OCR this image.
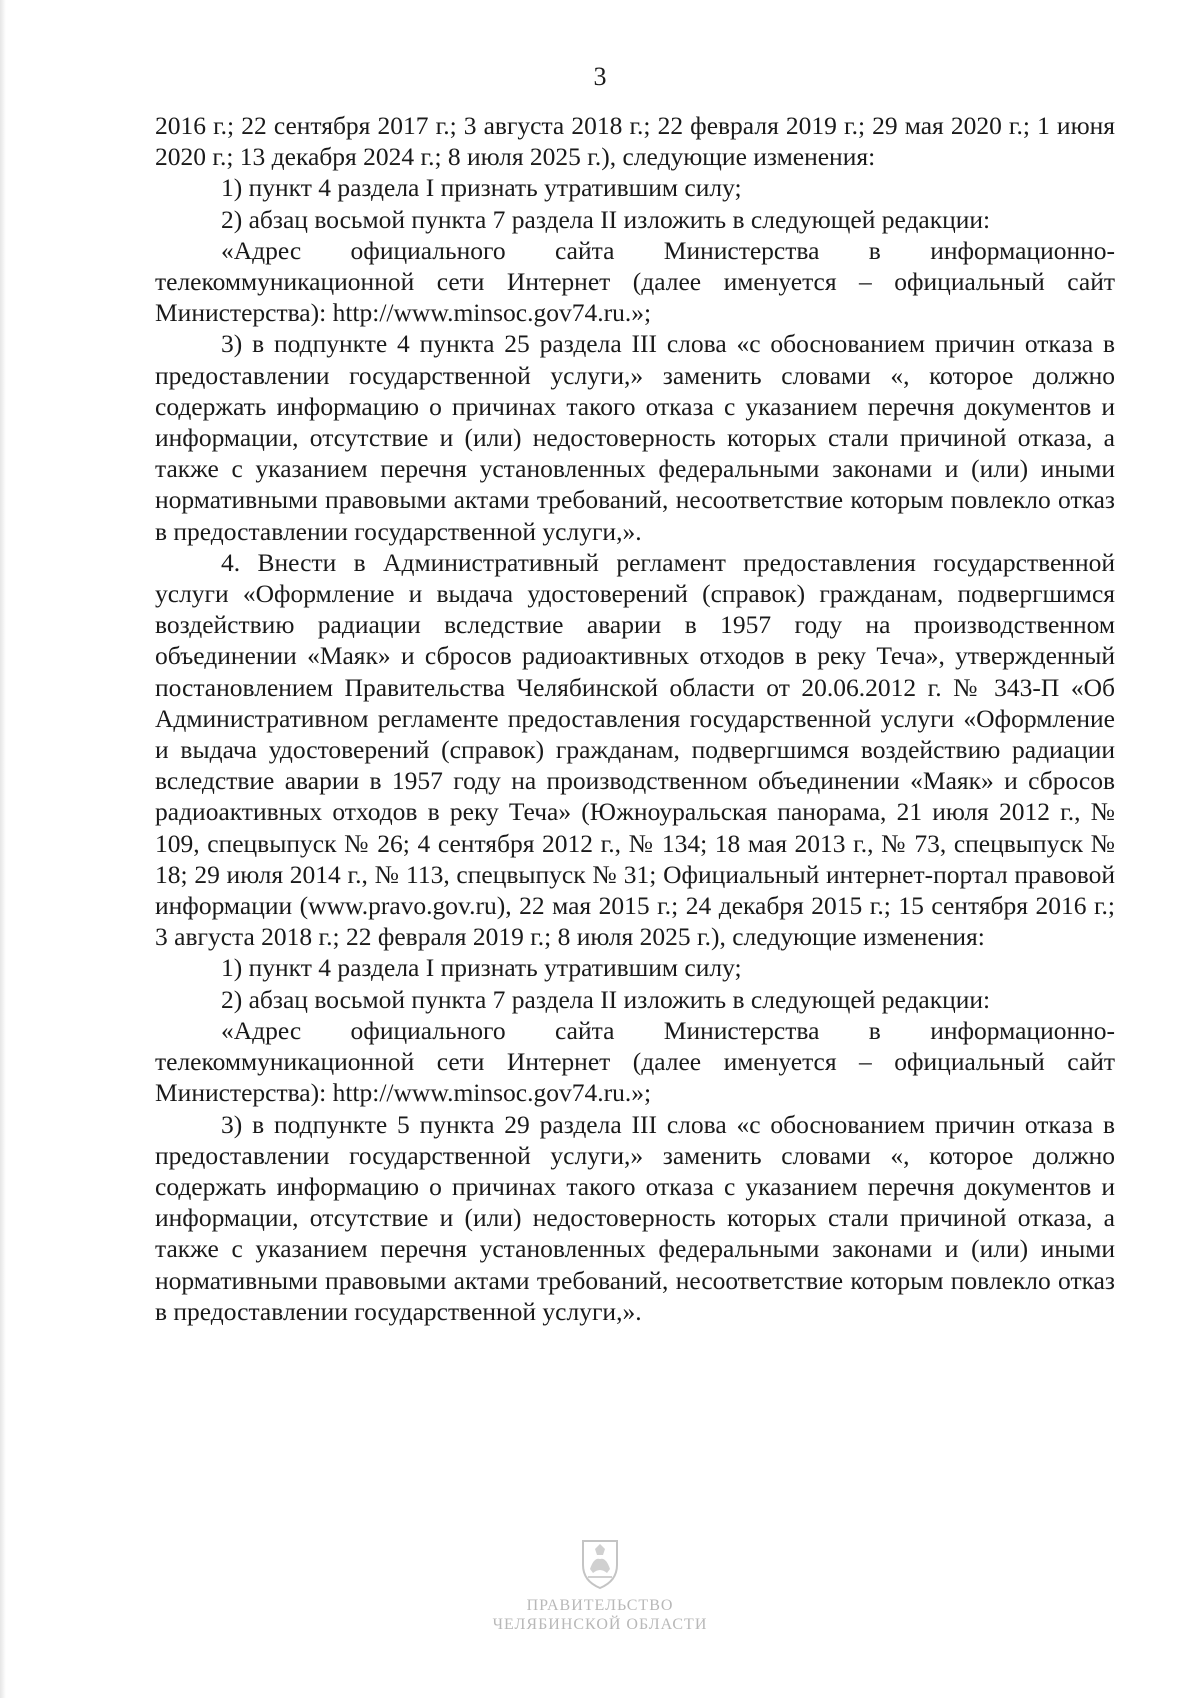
3

2016 г.; 22 сентября 2017 г.; 3 августа 2018 г.; 22 февраля 2019 г.; 29 мая 2020 г.; 1 июня 2020 г.; 13 декабря 2024 г.; 8 июля 2025 г.), следующие изменения:

1) пункт 4 раздела I признать утратившим силу;

2) абзац восьмой пункта 7 раздела II изложить в следующей редакции:

«Адрес официального сайта Министерства в информационно-телекоммуникационной сети Интернет (далее именуется – официальный сайт Министерства): http://www.minsoc.gov74.ru.»;

3) в подпункте 4 пункта 25 раздела III слова «с обоснованием причин отказа в предоставлении государственной услуги,» заменить словами «, которое должно содержать информацию о причинах такого отказа с указанием перечня документов и информации, отсутствие и (или) недостоверность которых стали причиной отказа, а также с указанием перечня установленных федеральными законами и (или) иными нормативными правовыми актами требований, несоответствие которым повлекло отказ в предоставлении государственной услуги,».

4. Внести в Административный регламент предоставления государственной услуги «Оформление и выдача удостоверений (справок) гражданам, подвергшимся воздействию радиации вследствие аварии в 1957 году на производственном объединении «Маяк» и сбросов радиоактивных отходов в реку Теча», утвержденный постановлением Правительства Челябинской области от 20.06.2012 г. № 343-П «Об Административном регламенте предоставления государственной услуги «Оформление и выдача удостоверений (справок) гражданам, подвергшимся воздействию радиации вследствие аварии в 1957 году на производственном объединении «Маяк» и сбросов радиоактивных отходов в реку Теча» (Южноуральская панорама, 21 июля 2012 г., № 109, спецвыпуск № 26; 4 сентября 2012 г., № 134; 18 мая 2013 г., № 73, спецвыпуск № 18; 29 июля 2014 г., № 113, спецвыпуск № 31; Официальный интернет-портал правовой информации (www.pravo.gov.ru), 22 мая 2015 г.; 24 декабря 2015 г.; 15 сентября 2016 г.; 3 августа 2018 г.; 22 февраля 2019 г.; 8 июля 2025 г.), следующие изменения:

1) пункт 4 раздела I признать утратившим силу;

2) абзац восьмой пункта 7 раздела II изложить в следующей редакции:

«Адрес официального сайта Министерства в информационно-телекоммуникационной сети Интернет (далее именуется – официальный сайт Министерства): http://www.minsoc.gov74.ru.»;

3) в подпункте 5 пункта 29 раздела III слова «с обоснованием причин отказа в предоставлении государственной услуги,» заменить словами «, которое должно содержать информацию о причинах такого отказа с указанием перечня документов и информации, отсутствие и (или) недостоверность которых стали причиной отказа, а также с указанием перечня установленных федеральными законами и (или) иными нормативными правовыми актами требований, несоответствие которым повлекло отказ в предоставлении государственной услуги,».

ПРАВИТЕЛЬСТВО
ЧЕЛЯБИНСКОЙ ОБЛАСТИ
